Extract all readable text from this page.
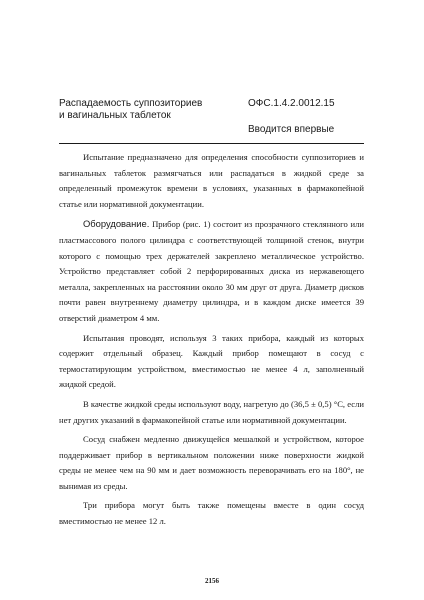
Распадаемость суппозиториев
и вагинальных таблеток
ОФС.1.4.2.0012.15
Вводится впервые

Испытание предназначено для определения способности суппозиториев и вагинальных таблеток размягчаться или распадаться в жидкой среде за определенный промежуток времени в условиях, указанных в фармакопейной статье или нормативной документации.

Оборудование. Прибор (рис. 1) состоит из прозрачного стеклянного или пластмассового полого цилиндра с соответствующей толщиной стенок, внутри которого с помощью трех держателей закреплено металлическое устройство. Устройство представляет собой 2 перфорированных диска из нержавеющего металла, закрепленных на расстоянии около 30 мм друг от друга. Диаметр дисков почти равен внутреннему диаметру цилиндра, и в каждом диске имеется 39 отверстий диаметром 4 мм.

Испытания проводят, используя 3 таких прибора, каждый из которых содержит отдельный образец. Каждый прибор помещают в сосуд с термостатирующим устройством, вместимостью не менее 4 л, заполненный жидкой средой.

В качестве жидкой среды используют воду, нагретую до (36,5 ± 0,5) °С, если нет других указаний в фармакопейной статье или нормативной документации.

Сосуд снабжен медленно движущейся мешалкой и устройством, которое поддерживает прибор в вертикальном положении ниже поверхности жидкой среды не менее чем на 90 мм и дает возможность переворачивать его на 180°, не вынимая из среды.

Три прибора могут быть также помещены вместе в один сосуд вместимостью не менее 12 л.

2156
